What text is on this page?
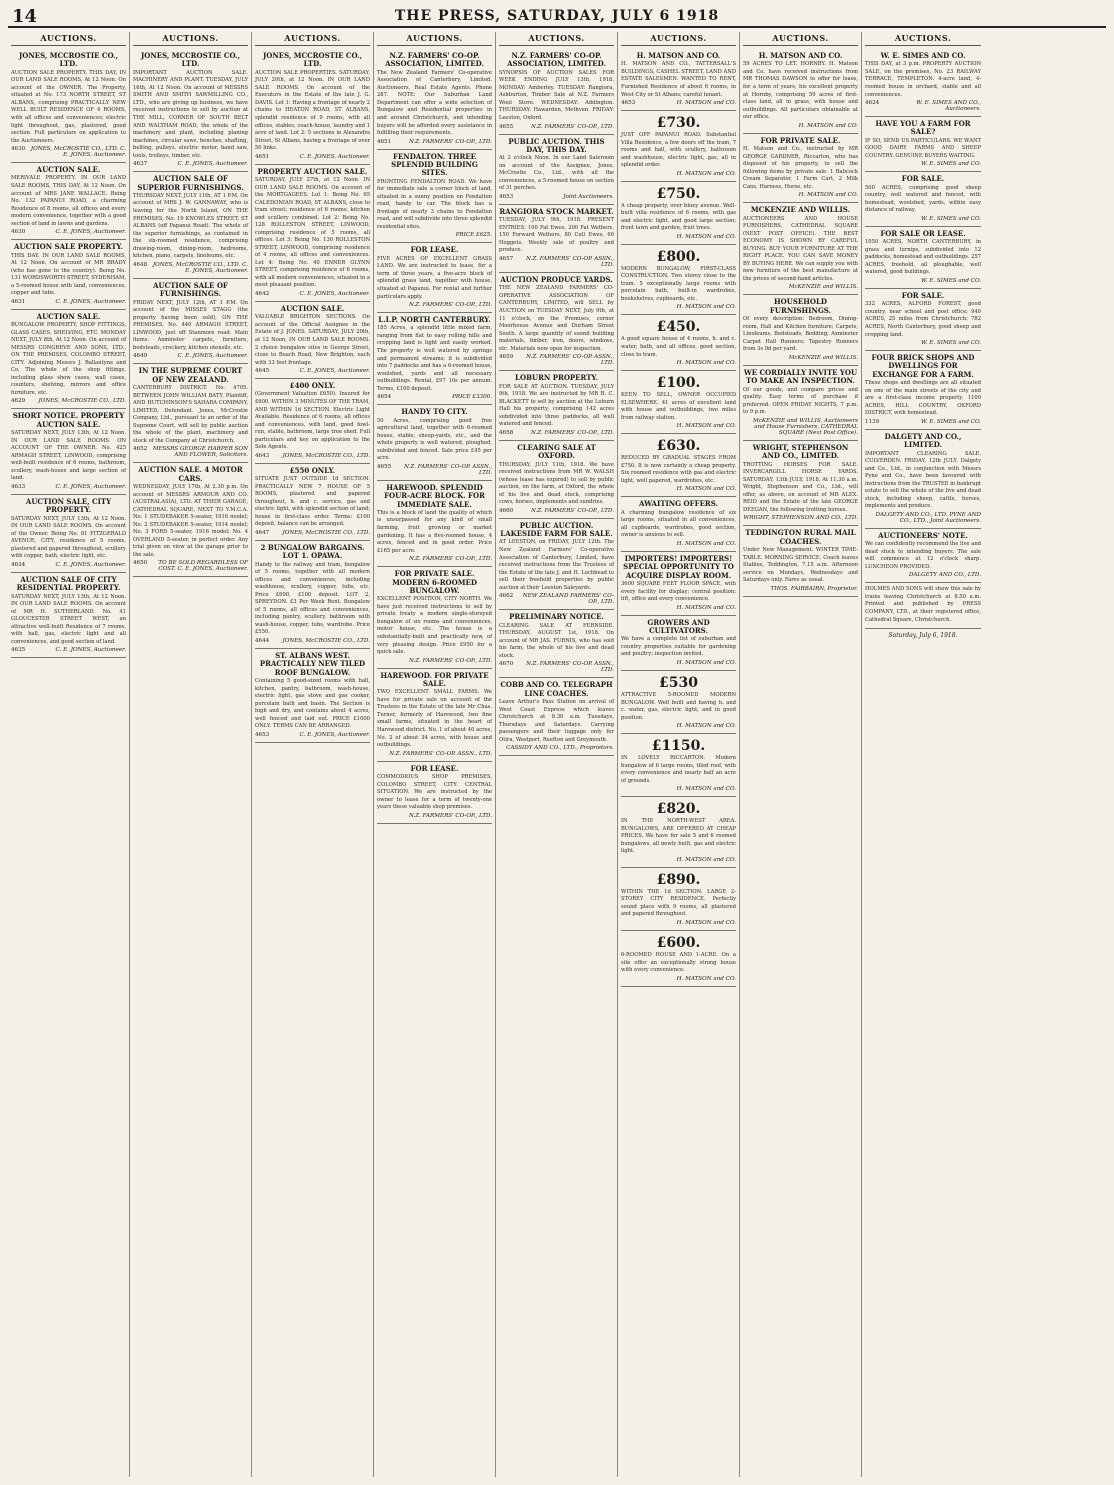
14	THE PRESS, SATURDAY, JULY 6 1918
AUCTIONS.
JONES, MCCROSTIE CO., LTD.
AUCTION SALE PROPERTY. THIS DAY, IN OUR LAND SALE ROOMS, At 12 Noon. On account of the OWNER. The Property, situated at No. 173 NORTH STREET, ST ALBANS, comprising PRACTICALLY NEW WELL BUILT RESIDENCE OF 4 ROOMS, with all offices and conveniences; electric light throughout, gas, plastered, good section. Full particulars on application to the Auctioneers.
4630 JONES, McCROSTIE CO., LTD. C. E. JONES, Auctioneer.
AUCTION SALE.
MERIVALE PROPERTY. IN OUR LAND SALE ROOMS, THIS DAY, At 12 Noon. On account of MRS JANE WALLACE. Being No. 132 PAPANUI ROAD, a charming Residence of 8 rooms, all offices and every modern convenience, together with a good section of land in lawns and gardens.
4630	C. E. JONES, Auctioneer.
AUCTION SALE PROPERTY.
THIS DAY. IN OUR LAND SALE ROOMS, At 12 Noon. On account of MR BRADY (who has gone to the country). Being No. 131 WORDSWORTH STREET, SYDENHAM, a 5-roomed house with land, conveniences, copper and tubs.
4631	C. E. JONES, Auctioneer.
AUCTION SALE.
BUNGALOW PROPERTY, SHOP FITTINGS, GLASS CASES, SHELVING, ETC. MONDAY NEXT, JULY 8th, At 12 Noon. On account of MESSRS CONGREVE AND SONS, LTD., ON THE PREMISES, COLOMBO STREET, CITY. Adjoining Messrs J. Ballantyne and Co. The whole of the shop fittings, including glass show cases, wall cases, counters, shelving, mirrors and office furniture, etc.
4629 JONES, McCROSTIE CO., LTD.
SHORT NOTICE. PROPERTY AUCTION SALE.
SATURDAY NEXT, JULY 13th, At 12 Noon. IN OUR LAND SALE ROOMS. ON ACCOUNT OF THE OWNER. No. 425 ARMAGH STREET, LINWOOD, comprising well-built residence of 6 rooms, bathroom, scullery, wash-house and large section of land.
4633	C. E. JONES, Auctioneer.
AUCTION SALE, CITY PROPERTY.
SATURDAY NEXT, JULY 13th, At 12 Noon. IN OUR LAND SALE ROOMS. On account of the Owner. Being No. 81 FITZGERALD AVENUE, CITY, residence of 5 rooms, plastered and papered throughout, scullery with copper, bath, electric light, etc.
4634	C. E. JONES, Auctioneer.
AUCTION SALE OF CITY RESIDENTIAL PROPERTY.
SATURDAY NEXT, JULY 13th, At 12 Noon. IN OUR LAND SALE ROOMS. On account of MR H. SUTHERLAND. No. 41 GLOUCESTER STREET WEST, an attractive well-built Residence of 7 rooms, with hall, gas, electric light and all conveniences, and good section of land.
4635	C. E. JONES, Auctioneer.
AUCTIONS.
JONES, MCCROSTIE CO., LTD.
IMPORTANT AUCTION SALE. MACHINERY AND PLANT. TUESDAY, JULY 16th, At 12 Noon. On account of MESSRS SMITH AND SMITH SAWMILLING CO., LTD., who are giving up business, we have received instructions to sell by auction at THE MILL, CORNER OF SOUTH BELT AND WALTHAM ROAD, the whole of the machinery and plant, including planing machines, circular saws, benches, shafting, belting, pulleys, electric motor, band saw, tools, trolleys, timber, etc.
4637	C. E. JONES, Auctioneer.
AUCTION SALE OF SUPERIOR FURNISHINGS.
THURSDAY NEXT, JULY 11th, AT 1 P.M. On account of MRS J. W. GANNAWAY, who is leaving for the North Island, ON THE PREMISES, No. 19 KNOWLES STREET, ST ALBANS (off Papanui Road). The whole of the superior furnishings, as contained in the six-roomed residence, comprising drawing-room, dining-room, bedrooms, kitchen, piano, carpets, linoleums, etc.
4648 JONES, McCROSTIE CO., LTD. C. E. JONES, Auctioneer.
AUCTION SALE OF FURNISHINGS.
FRIDAY NEXT, JULY 12th, AT 1 P.M. On account of the MISSES STAGG (the property having been sold), ON THE PREMISES, No. 440 ARMAGH STREET, LINWOOD, just off Stanmore road. Main items: Axminster carpets, furniture, bedsteads, crockery, kitchen utensils, etc.
4649	C. E. JONES, Auctioneer.
IN THE SUPREME COURT OF NEW ZEALAND.
CANTERBURY DISTRICT. No. 4705. BETWEEN JOHN WILLIAM BATY, Plaintiff, AND HUTCHINSON'S SAHARA COMPANY, LIMITED, Defendant. Jones, McCrostie Company, Ltd., pursuant to an order of the Supreme Court, will sell by public auction the whole of the plant, machinery and stock of the Company at Christchurch.
4652 MESSRS GEORGE HARPER SON AND FLOWER, Solicitors.
AUCTION SALE. 4 MOTOR CARS.
WEDNESDAY, JULY 17th, At 2.30 p.m. On account of MESSRS ARMOUR AND CO. (AUSTRALASIA), LTD. AT THEIR GARAGE, CATHEDRAL SQUARE, NEXT TO Y.M.C.A. No. 1 STUDEBAKER 5-seater, 1916 model; No. 2 STUDEBAKER 5-seater, 1914 model; No. 3 FORD 5-seater, 1916 model; No. 4 OVERLAND 5-seater, in perfect order. Any trial given on view at the garage prior to the sale.
4650 TO BE SOLD REGARDLESS OF COST. C. E. JONES, Auctioneer.
AUCTIONS.
JONES, MCCROSTIE CO., LTD.
AUCTION SALE PROPERTIES. SATURDAY, JULY 20th, at 12 Noon. IN OUR LAND SALE ROOMS. On account of the Executors in the Estate of the late J. G. DAVIS. Lot 1: Having a frontage of nearly 2 chains to HEATON ROAD, ST ALBANS, splendid residence of 9 rooms, with all offices, stables, coach-house, laundry and 1 acre of land. Lot 2: 5 sections in Alexandra Street, St Albans, having a frontage of over 50 links.
4651	C. E. JONES, Auctioneer.
PROPERTY AUCTION SALE.
SATURDAY, JULY 27th, at 12 Noon. IN OUR LAND SALE ROOMS. On account of the MORTGAGEES. Lot 1: Being No. 95 CALEDONIAN ROAD, ST ALBANS, close to tram street; residence of 6 rooms, kitchen and scullery combined. Lot 2: Being No. 128 ROLLESTON STREET, LINWOOD, comprising residence of 5 rooms, all offices. Lot 3: Being No. 130 ROLLESTON STREET, LINWOOD, comprising residence of 4 rooms, all offices and conveniences. Lot 4: Being No. 40 ENNER GLYNN STREET, comprising residence of 6 rooms, with all modern conveniences, situated in a most pleasant position.
4642	C. E. JONES, Auctioneer.
AUCTION SALE.
VALUABLE BRIGHTON SECTIONS. On account of the Official Assignee in the Estate of J. JONES. SATURDAY, JULY 20th, at 12 Noon, IN OUR LAND SALE ROOMS. 2 choice bungalow sites in George Street, close to Beach Road, New Brighton, each with 33 feet frontage.
4645	C. E. JONES, Auctioneer.
£400 ONLY.
(Government Valuation £650). Insured for £600. WITHIN 3 MINUTES OF THE TRAM, AND WITHIN 1d SECTION. Electric Light Available. Residence of 6 rooms, all offices and conveniences, with land, good fowl-run, stable, bathroom, large tree shed. Full particulars and key on application to the Sole Agents.
4643 JONES, McCROSTIE CO., LTD.
£550 ONLY.
SITUATE JUST OUTSIDE 1d SECTION. PRACTICALLY NEW 7 HOUSE OF 5 ROOMS, plastered and papered throughout, h. and c. service, gas and electric light, with splendid section of land; house in first-class order. Terms: £100 deposit, balance can be arranged.
4647 JONES, McCROSTIE CO., LTD.
2 BUNGALOW BARGAINS. LOT 1. OPAWA.
Handy to the railway and tram, bungalow of 5 rooms, together with all modern offices and conveniences, including washhouse, scullery, copper, tubs, etc. Price £600, £100 deposit. LOT 2. SPREYDON. £3 Per Week Rent. Bungalow of 5 rooms, all offices and conveniences, including pantry, scullery, bathroom with wash-house, copper, tubs, wardrobe. Price £550.
4644 JONES, McCROSTIE CO., LTD.
ST. ALBANS WEST. PRACTICALLY NEW TILED ROOF BUNGALOW.
Containing 5 good-sized rooms with hall, kitchen, pantry, bathroom, wash-house, electric light, gas stove and gas cooker, porcelain bath and basin. The Section is high and dry, and contains about 4 acres, well fenced and laid out. PRICE £1000 ONLY. TERMS CAN BE ARRANGED.
4653	C. E. JONES, Auctioneer.
AUCTIONS.
N.Z. FARMERS' CO-OP. ASSOCIATION, LIMITED.
The New Zealand Farmers' Co-operative Association of Canterbury, Limited. Auctioneers, Real Estate Agents. Phone 287. NOTE: Our Suburban Land Department can offer a wide selection of Bungalow and Residential properties in and around Christchurch, and intending buyers will be afforded every assistance in fulfilling their requirements.
4651	N.Z. FARMERS' CO-OP., LTD.
FENDALTON. THREE SPLENDID BUILDING SITES.
FRONTING FENDALTON ROAD. We have for immediate sale a corner block of land, situated in a sunny position on Fendalton road, handy to car. The block has a frontage of nearly 3 chains to Fendalton road, and will subdivide into three splendid residential sites.
PRICE £625.
FOR LEASE.
FIVE ACRES OF EXCELLENT GRASS LAND. We are instructed to lease, for a term of three years, a five-acre block of splendid grass land, together with house, situated at Papanui. For rental and further particulars apply.
N.Z. FARMERS' CO-OP., LTD.
L.I.P. NORTH CANTERBURY.
185 Acres, a splendid little mixed farm, ranging from flat to easy rolling hills and cropping land is light and easily worked. The property is well watered by springs and permanent streams; it is subdivided into 7 paddocks and has a 6-roomed house, woolshed, yards and all necessary outbuildings. Rental, £97 10s per annum. Terms, £100 deposit.
4654	PRICE £3300.
HANDY TO CITY.
50 Acres, comprising good free agricultural land, together with 6-roomed house, stable, sheep-yards, etc., and the whole property is well watered, ploughed, subdivided and fenced. Sale price £45 per acre.
4655 N.Z. FARMERS' CO-OP. ASSN., LTD.
HAREWOOD. SPLENDID FOUR-ACRE BLOCK. FOR IMMEDIATE SALE.
This is a block of land the quality of which is unsurpassed for any kind of small farming, fruit growing or market gardening. It has a five-roomed house, 4 acres, fenced and in good order. Price £165 per acre.
N.Z. FARMERS' CO-OP., LTD.
FOR PRIVATE SALE. MODERN 6-ROOMED BUNGALOW.
EXCELLENT POSITION, CITY NORTH. We have just received instructions to sell by private treaty a modern single-storeyed bungalow of six rooms and conveniences, motor house, etc. The house is a substantially-built and practically new, of very pleasing design. Price £950 for a quick sale.
N.Z. FARMERS' CO-OP., LTD.
HAREWOOD. FOR PRIVATE SALE.
TWO EXCELLENT SMALL FARMS. We have for private sale on account of the Trustees in the Estate of the late Mr Chas. Turner, formerly of Harewood, two fine small farms, situated in the heart of Harewood district. No. 1 of about 40 acres, No. 2 of about 34 acres, with house and outbuildings.
N.Z. FARMERS' CO-OP. ASSN., LTD.
FOR LEASE.
COMMODIOUS SHOP PREMISES, COLOMBO STREET, CITY. CENTRAL SITUATION. We are instructed by the owner to lease for a term of twenty-one years these valuable shop premises.
N.Z. FARMERS' CO-OP., LTD.
AUCTIONS.
N.Z. FARMERS' CO-OP. ASSOCIATION, LIMITED.
SYNOPSIS OF AUCTION SALES FOR WEEK ENDING JULY 13th, 1918. MONDAY: Amberley. TUESDAY: Rangiora, Ashburton, Timber Sale at N.Z. Farmers Wool Store. WEDNESDAY: Addington. THURSDAY: Hawarden, Methven. FRIDAY: Leeston, Oxford.
4655	N.Z. FARMERS' CO-OP., LTD.
PUBLIC AUCTION. THIS DAY, THIS DAY.
At 2 o'clock Noon. In our Land Saleroom on account of the Assignee, Jones, McCrostie Co., Ltd., with all the conveniences, a 5-roomed house on section of 31 perches.
4653	Joint Auctioneers.
RANGIORA STOCK MARKET.
TUESDAY, JULY 9th, 1918. PRESENT ENTRIES: 100 Fat Ewes, 200 Fat Wethers, 150 Forward Wethers, 80 Cull Ewes, 60 Hoggets. Weekly sale of poultry and produce.
4657 N.Z. FARMERS' CO-OP. ASSN., LTD.
AUCTION PRODUCE YARDS.
THE NEW ZEALAND FARMERS' CO-OPERATIVE ASSOCIATION OF CANTERBURY, LIMITED, will SELL by AUCTION on TUESDAY NEXT, July 9th, at 11 o'clock, on the Premises, corner Moorhouse Avenue and Durham Street South. A large quantity of sound building materials, timber, iron, doors, windows, etc. Materials now open for inspection.
4659 N.Z. FARMERS' CO-OP. ASSN., LTD.
LOBURN PROPERTY.
FOR SALE AT AUCTION. TUESDAY, JULY 9th, 1918. We are instructed by MR B. C. BLACKETT to sell by auction at the Loburn Hall his property, comprising 142 acres subdivided into three paddocks, all well watered and fenced.
4658	N.Z. FARMERS' CO-OP., LTD.
CLEARING SALE AT OXFORD.
THURSDAY, JULY 11th, 1918. We have received instructions from MR W. WALSH (whose lease has expired) to sell by public auction, on the farm, at Oxford, the whole of his live and dead stock, comprising cows, horses, implements and sundries.
4660	N.Z. FARMERS' CO-OP., LTD.
PUBLIC AUCTION. LAKESIDE FARM FOR SALE.
AT LEESTON, on FRIDAY, JULY 12th. The New Zealand Farmers' Co-operative Association of Canterbury, Limited, have received instructions from the Trustees of the Estate of the late J. and H. Lochhead to sell their freehold properties by public auction at their Leeston Saleyards.
4662 NEW ZEALAND FARMERS' CO-OP., LTD.
PRELIMINARY NOTICE.
CLEARING SALE AT FERNSIDE. THURSDAY, AUGUST 1st, 1918. On account of MR JAS. FURNIS, who has sold his farm, the whole of his live and dead stock.
4670 N.Z. FARMERS' CO-OP. ASSN., LTD.
COBB AND CO. TELEGRAPH LINE COACHES.
Leave Arthur's Pass Station on arrival of West Coast Express which leaves Christchurch at 8.30 a.m. Tuesdays, Thursdays and Saturdays. Carrying passengers and their luggage only for Otira, Westport, Reefton and Greymouth.
CASSIDY AND CO., LTD., Proprietors.
AUCTIONS.
H. MATSON AND CO.
H. MATSON AND CO., TATTERSALL'S BUILDINGS, CASHEL STREET, LAND AND ESTATE SALESMEN. WANTED TO RENT, Furnished Residence of about 6 rooms, in West City or St Albans; careful tenant.
4653	H. MATSON and CO.
£730.
JUST OFF PAPANUI ROAD. Substantial Villa Residence, a few doors off the tram, 7 rooms and hall, with scullery, bathroom and washhouse, electric light, gas, all in splendid order.
H. MATSON and CO.
£750.
A cheap property, over bluey avenue. Well-built villa residence of 6 rooms, with gas and electric light, and good large section; front lawn and garden, fruit trees.
H. MATSON and CO.
£800.
MODERN BUNGALOW, FIRST-CLASS CONSTRUCTION. Two storey close to the tram. 5 exceptionally large rooms with porcelain bath, built-in wardrobes, bookshelves, cupboards, etc.
H. MATSON and CO.
£450.
A good square house of 4 rooms, h. and c. water, bath, and all offices, good section, close to tram.
H. MATSON and CO.
£100.
KEEN TO SELL, OWNER OCCUPIED ELSEWHERE. 41 acres of excellent land with house and outbuildings, two miles from railway station.
H. MATSON and CO.
£630.
REDUCED BY GRADUAL STAGES FROM £750. It is now certainly a cheap property. Six roomed residence with gas and electric light, well papered, wardrobes, etc.
H. MATSON and CO.
AWAITING OFFERS.
A charming bungalow residence of six large rooms, situated in all conveniences, all cupboards, wardrobes, good section, owner is anxious to sell.
H. MATSON and CO.
IMPORTERS! IMPORTERS! SPECIAL OPPORTUNITY TO ACQUIRE DISPLAY ROOM.
3600 SQUARE FEET FLOOR SPACE, with every facility for display; central position; lift, office and every convenience.
H. MATSON and CO.
GROWERS AND CULTIVATORS.
We have a complete list of suburban and country properties suitable for gardening and poultry; inspection invited.
H. MATSON and CO.
£530
ATTRACTIVE 5-ROOMED MODERN BUNGALOW. Well built and having h. and c. water, gas, electric light, and in good position.
H. MATSON and CO.
£1150.
IN LOVELY RICCARTON. Modern bungalow of 6 large rooms, tiled roof, with every convenience and nearly half an acre of grounds.
H. MATSON and CO.
£820.
IN THE NORTH-WEST AREA. BUNGALOWS, ARE OFFERED AT CHEAP PRICES. We have for sale 5 and 6 roomed bungalows, all newly built, gas and electric light.
H. MATSON and CO.
£890.
WITHIN THE 1d SECTION. LARGE 2-STOREY CITY RESIDENCE. Perfectly sound place with 9 rooms, all plastered and papered throughout.
H. MATSON and CO.
£600.
6-ROOMED HOUSE AND 1-ACRE. On a site offer an exceptionally strong house with every convenience.
H. MATSON and CO.
AUCTIONS.
H. MATSON AND CO.
59 ACRES TO LET. HORNBY. H. Matson and Co. have received instructions from MR THOMAS DAWSON to offer for lease, for a term of years, his excellent property at Hornby, comprising 59 acres of first-class land, all in grass, with house and outbuildings. All particulars obtainable at our office.
H. MATSON and CO.
FOR PRIVATE SALE.
H. Matson and Co., instructed by MR GEORGE GARDNER, Riccarton, who has disposed of his property, to sell the following items by private sale: 1 Babcock Cream Separator, 1 Farm Cart, 2 Milk Cans, Harness, Horse, etc.
H. MATSON and CO.
MCKENZIE AND WILLIS.
AUCTIONEERS AND HOUSE FURNISHERS, CATHEDRAL SQUARE (NEXT POST OFFICE). THE BEST ECONOMY IS SHOWN BY CAREFUL BUYING. BUY YOUR FURNITURE AT THE RIGHT PLACE. YOU CAN SAVE MONEY BY BUYING HERE. We can supply you with new furniture of the best manufacture at the prices of second-hand articles.
McKENZIE and WILLIS.
HOUSEHOLD FURNISHINGS.
Of every description: Bedroom, Dining-room, Hall and Kitchen furniture; Carpets, Linoleums, Bedsteads, Bedding; Axminster Carpet Hall Runners; Tapestry Runners from 3s 9d per yard.
McKENZIE and WILLIS.
WE CORDIALLY INVITE YOU TO MAKE AN INSPECTION.
Of our goods, and compare prices and quality. Easy terms of purchase if preferred. OPEN FRIDAY NIGHTS, 7 p.m. to 9 p.m.
McKENZIE and WILLIS, Auctioneers and House Furnishers, CATHEDRAL SQUARE (Next Post Office).
WRIGHT, STEPHENSON AND CO., LIMITED.
TROTTING HORSES FOR SALE. INVERCARGILL HORSE YARDS. SATURDAY, 13th JULY, 1918, At 11.30 a.m. Wright, Stephenson and Co., Ltd., will offer, as above, on account of MR ALEX. REID and the Estate of the late GEORGE DEEGAN, the following trotting horses.
WRIGHT, STEPHENSON AND CO., LTD.
TEDDINGTON RURAL MAIL COACHES.
Under New Management. WINTER TIME-TABLE. MORNING SERVICE. Coach leaves Stables, Teddington, 7.15 a.m. Afternoon service on Mondays, Wednesdays and Saturdays only. Fares as usual.
THOS. FAIRBAIRN, Proprietor.
AUCTIONS.
W. E. SIMES AND CO.
THIS DAY, at 3 p.m. PROPERTY AUCTION SALE, on the premises, No. 23 RAILWAY TERRACE, TEMPLETON. 4-acre land, 4-roomed house in orchard, stable and all conveniences.
4624	W. E. SIMES AND CO., Auctioneers.
HAVE YOU A FARM FOR SALE?
IF SO, SEND US PARTICULARS. WE WANT GOOD DAIRY FARMS AND SHEEP COUNTRY. GENUINE BUYERS WAITING.
W. E. SIMES and CO.
FOR SALE.
500 ACRES, comprising good sheep country, well watered and fenced, with homestead, woolshed, yards, within easy distance of railway.
W. E. SIMES and CO.
FOR SALE OR LEASE.
1050 ACRES, NORTH CANTERBURY, in grass and turnips, subdivided into 12 paddocks, homestead and outbuildings. 257 ACRES, freehold, all ploughable, well watered, good buildings.
W. E. SIMES and CO.
FOR SALE.
332 ACRES, ALFORD FOREST, good country, near school and post office; 940 ACRES, 25 miles from Christchurch; 782 ACRES, North Canterbury, good sheep and cropping land.
W. E. SIMES and CO.
FOUR BRICK SHOPS AND DWELLINGS FOR EXCHANGE FOR A FARM.
These shops and dwellings are all situated on one of the main streets of the city and are a first-class income property. 1100 ACRES, HILL COUNTRY, OXFORD DISTRICT, with homestead.
1139	W. E. SIMES and CO.
DALGETY AND CO., LIMITED.
IMPORTANT CLEARING SALE. CULVERDEN. FRIDAY, 12th JULY. Dalgety and Co., Ltd., in conjunction with Messrs Pyne and Co., have been favoured with instructions from the TRUSTEE in bankrupt estate to sell the whole of the live and dead stock, including sheep, cattle, horses, implements and produce.
DALGETY AND CO., LTD. PYNE AND CO., LTD., Joint Auctioneers.
AUCTIONEERS' NOTE.
We can confidently recommend the live and dead stock to intending buyers. The sale will commence at 12 o'clock sharp. LUNCHEON PROVIDED.
DALGETY AND CO., LTD.
HOLMES AND SONS will show this sale by trains leaving Christchurch at 8.50 a.m. Printed and published by PRESS COMPANY, LTD., at their registered office, Cathedral Square, Christchurch.
Saturday, July 6, 1918.
